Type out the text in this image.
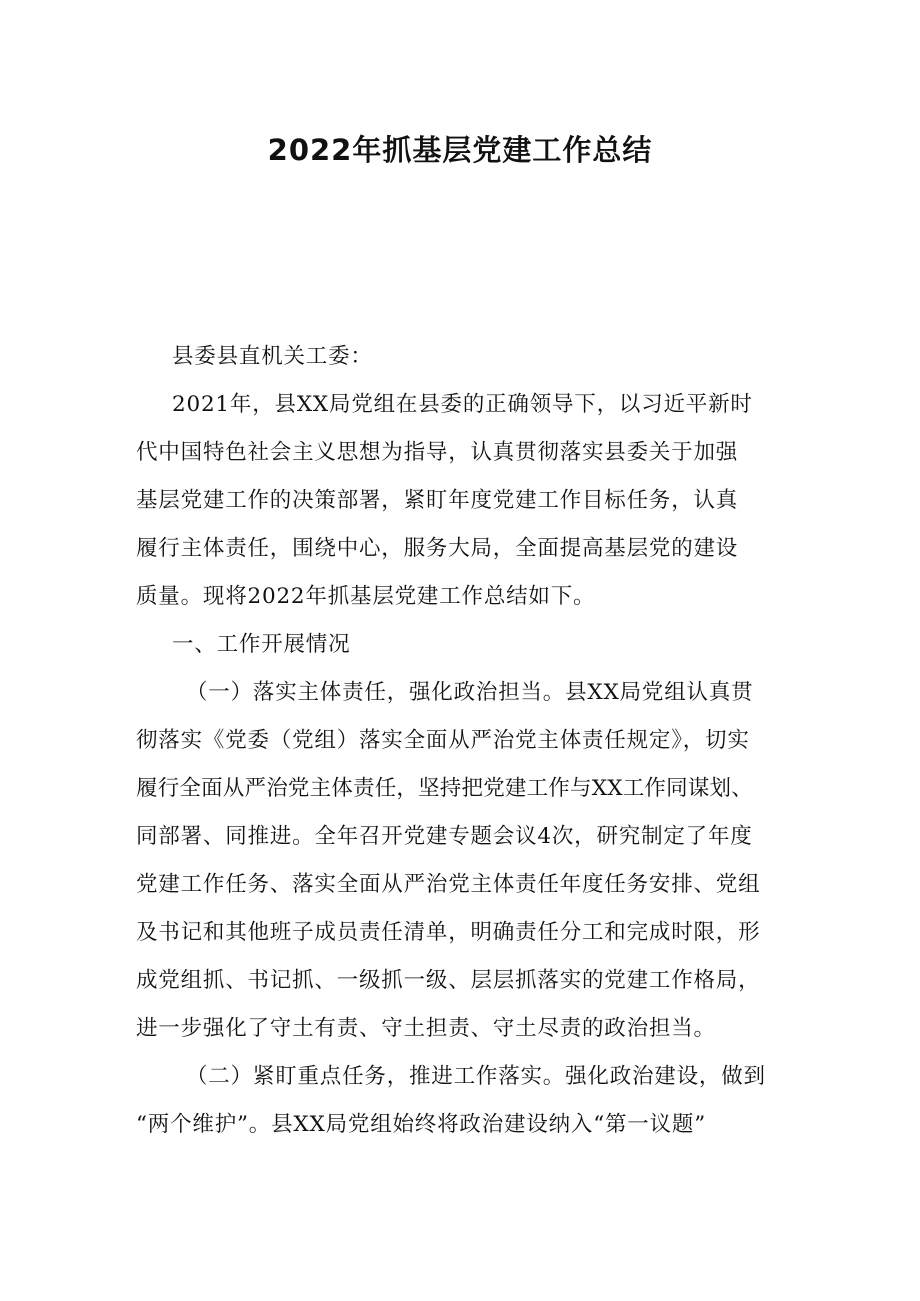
2022年抓基层党建工作总结
县委县直机关工委：
2021年，县XX局党组在县委的正确领导下，以习近平新时
代中国特色社会主义思想为指导，认真贯彻落实县委关于加强
基层党建工作的决策部署，紧盯年度党建工作目标任务，认真
履行主体责任，围绕中心，服务大局，全面提高基层党的建设
质量。现将2022年抓基层党建工作总结如下。
一、工作开展情况
（一）落实主体责任，强化政治担当。县XX局党组认真贯
彻落实《党委（党组）落实全面从严治党主体责任规定》，切实
履行全面从严治党主体责任，坚持把党建工作与XX工作同谋划、
同部署、同推进。全年召开党建专题会议4次，研究制定了年度
党建工作任务、落实全面从严治党主体责任年度任务安排、党组
及书记和其他班子成员责任清单，明确责任分工和完成时限，形
成党组抓、书记抓、一级抓一级、层层抓落实的党建工作格局，
进一步强化了守土有责、守土担责、守土尽责的政治担当。
（二）紧盯重点任务，推进工作落实。强化政治建设，做到
“两个维护”。县XX局党组始终将政治建设纳入“第一议题”
